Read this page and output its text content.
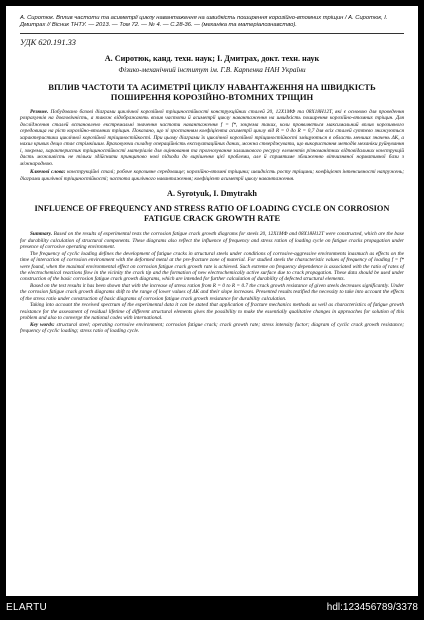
А. Сиротюк. Вплив частоти та асиметрії циклу навантаження на швидкість поширення корозійно-втомних тріщин / А. Сиротюк, І. Дмитрах // Вісник ТНТУ. — 2013. — Том 72. — № 4. — С.28-36. — (механіка та матеріалознавство).

УДК 620.191.33
А. Сиротюк, канд. техн. наук; І. Дмитрах, докт. техн. наук
Фізико-механічний інститут ім. Г.В. Карпенка НАН України
ВПЛИВ ЧАСТОТИ ТА АСИМЕТРІЇ ЦИКЛУ НАВАНТАЖЕННЯ НА ШВИДКІСТЬ ПОШИРЕННЯ КОРОЗІЙНО-ВТОМНИХ ТРІЩИН

Резюме. Побудовано базові діаграми циклічної корозійної тріщиностійкості конструкційних сталей 20, 12Х1МФ та 08Х18Н12Т, які є основою для проведення розрахунків на довговічність, а також відображають вплив частоти й асиметрії циклу навантаження на швидкість поширення корозійно-втомних тріщин. Для дослідження сталей встановлено екстремальні значення частоти навантаження f = f*, зокрема таких, коли проявляється максимальний вплив корозивного середовища на ріст корозійно-втомних тріщин. Показано, що зі зростанням коефіцієнта асиметрії циклу від R = 0 до R = 0,7 для всіх сталей суттєво знижуються характеристики циклічної корозійної тріщиностійкості. При цьому діаграми їх циклічної корозійної тріщиностійкості зміщуються в область менших значень ΔK, а нахил кривих дещо стає стрімкішим. Враховуючи складну операційність експлуатаційних даних, можна стверджувати, що використання методів механіки руйнування і, зокрема, характеристик тріщиностійкості матеріалів для оцінювання та прогнозування залишкового ресурсу елементів різноманітних відповідальних конструкцій дасть можливість не тільки здійснити принципово нові підходи до вирішення цієї проблеми, але й сприятиме зближенню вітчизняної нормативної бази з міжнародною.

Ключові слова: конструкційні сталі; робоче корозивне середовище; корозійно-втомні тріщини; швидкість росту тріщини; коефіцієнт інтенсивності напружень; діаграми циклічної тріщиностійкості; частота циклічного навантаження; коефіцієнт асиметрії циклу навантаження.

A. Syrotyuk, I. Dmytrakh
INFLUENCE OF FREQUENCY AND STRESS RATIO OF LOADING CYCLE ON CORROSION FATIGUE CRACK GROWTH RATE

Summary. Based on the results of experimental tests the corrosion fatigue crack growth diagrams for steels 20, 12X1MФ and 08X18H12T were constructed, which are the base for durability calculation of structural components. These diagrams also reflect the influence of frequency and stress ration of loading cycle on fatigue cracks propagation under presence of corrosive operating environment.

The frequency of cyclic loading defines the development of fatigue cracks in structural steels under conditions of corrosive-aggressive environments inasmuch as effects on the time of interaction of corrosion environment with the deformed metal at the pre-fracture zone of material. For studied steels the characteristic values of frequency of loading f = f* were found, when the maximal environmental effect on corrosion fatigue crack growth rate is achieved. Such extreme on frequency dependence is associated with the ratio of rates of the electrochemical reactions flow in the vicinity the crack tip and the formation of new electrochemically active surface due to crack propagation. These data should be used under construction of the basic corrosion fatigue crack growth diagrams, which are intended for further calculation of durability of defected structural elements.

Based on the test results it has been shown that with the increase of stress ration from R = 0 to R = 0.7 the crack growth resistance of given steels decreases significantly. Under the corrosion fatigue crack growth diagrams shift to the range of lower values of ΔK and their slope increases. Presented results testified the necessity to take into account the effects of the stress ratio under construction of basic diagrams of corrosion fatigue crack growth resistance for durability calculation.

Taking into account the received spectrum of the experimental data it can be stated that application of fracture mechanics methods as well as characteristics of fatigue growth resistance for the assessment of residual lifetime of different structural elements gives the possibility to make the essentially qualitative changes in approaches for solution of this problem and also to converge the national codes with international.

Key words: structural steel; operating corrosive environment; corrosion fatigue crack; crack growth rate; stress intensity factor; diagram of cyclic crack growth resistance; frequency of cyclic loading; stress ratio of loading cycle.

ELARTU	hdl:123456789/3378
